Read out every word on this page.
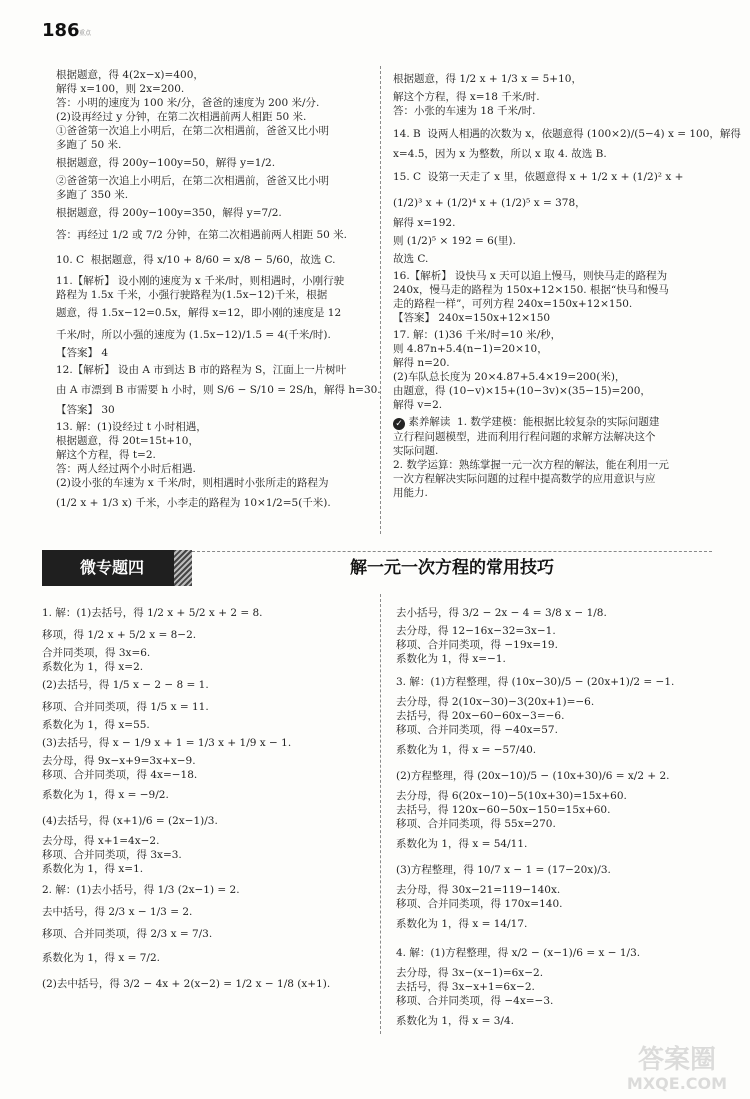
186 重点

根据题意，得 4(2x−x)=400，

解得 x=100，则 2x=200.

答：小明的速度为 100 米/分，爸爸的速度为 200 米/分.

(2)设再经过 y 分钟，在第二次相遇前两人相距 50 米.

①爸爸第一次追上小明后，在第二次相遇前，爸爸又比小明

多跑了 50 米.

根据题意，得 200y−100y=50，解得 y=1/2.

②爸爸第一次追上小明后，在第二次相遇前，爸爸又比小明

多跑了 350 米.

根据题意，得 200y−100y=350，解得 y=7/2.

答：再经过 1/2 或 7/2 分钟，在第二次相遇前两人相距 50 米.

10. C  根据题意，得 x/10 + 8/60 = x/8 − 5/60，故选 C.

11.【解析】 设小刚的速度为 x 千米/时，则相遇时，小刚行驶

路程为 1.5x 千米，小强行驶路程为(1.5x−12)千米，根据

题意，得 1.5x−12=0.5x，解得 x=12，即小刚的速度是 12

千米/时，所以小强的速度为 (1.5x−12)/1.5 = 4(千米/时).

【答案】 4

12.【解析】 设由 A 市到达 B 市的路程为 S，江面上一片树叶

由 A 市漂到 B 市需要 h 小时，则 S/6 − S/10 = 2S/h，解得 h=30.

【答案】 30

13. 解：(1)设经过 t 小时相遇，

根据题意，得 20t=15t+10，

解这个方程，得 t=2.

答：两人经过两个小时后相遇.

(2)设小张的车速为 x 千米/时，则相遇时小张所走的路程为

(1/2 x + 1/3 x) 千米，小李走的路程为 10×1/2=5(千米).

根据题意，得 1/2 x + 1/3 x = 5+10，

解这个方程，得 x=18 千米/时.

答：小张的车速为 18 千米/时.

14. B  设两人相遇的次数为 x，依题意得 (100×2)/(5−4) x = 100，解得

x=4.5，因为 x 为整数，所以 x 取 4. 故选 B.

15. C  设第一天走了 x 里，依题意得 x + 1/2 x + (1/2)² x +

(1/2)³ x + (1/2)⁴ x + (1/2)⁵ x = 378，

解得 x=192.

则 (1/2)⁵ × 192 = 6(里).

故选 C.

16.【解析】 设快马 x 天可以追上慢马，则快马走的路程为

240x，慢马走的路程为 150x+12×150. 根据“快马和慢马

走的路程一样”，可列方程 240x=150x+12×150.

【答案】 240x=150x+12×150

17. 解：(1)36 千米/时=10 米/秒，

则 4.87n+5.4(n−1)=20×10，

解得 n=20.

(2)车队总长度为 20×4.87+5.4×19=200(米)，

由题意，得 (10−v)×15+(10−3v)×(35−15)=200，

解得 v=2.

✓ 素养解读  1. 数学建模：能根据比较复杂的实际问题建

立行程问题模型，进而利用行程问题的求解方法解决这个

实际问题.

2. 数学运算：熟练掌握一元一次方程的解法，能在利用一元

一次方程解决实际问题的过程中提高数学的应用意识与应

用能力.

微专题四	解一元一次方程的常用技巧

1. 解：(1)去括号，得 1/2 x + 5/2 x + 2 = 8.

移项，得 1/2 x + 5/2 x = 8−2.

合并同类项，得 3x=6.

系数化为 1，得 x=2.

(2)去括号，得 1/5 x − 2 − 8 = 1.

移项、合并同类项，得 1/5 x = 11.

系数化为 1，得 x=55.

(3)去括号，得 x − 1/9 x + 1 = 1/3 x + 1/9 x − 1.

去分母，得 9x−x+9=3x+x−9.

移项、合并同类项，得 4x=−18.

系数化为 1，得 x = −9/2.

(4)去括号，得 (x+1)/6 = (2x−1)/3.

去分母，得 x+1=4x−2.

移项、合并同类项，得 3x=3.

系数化为 1，得 x=1.

2. 解：(1)去小括号，得 1/3 (2x−1) = 2.

去中括号，得 2/3 x − 1/3 = 2.

移项、合并同类项，得 2/3 x = 7/3.

系数化为 1，得 x = 7/2.

(2)去中括号，得 3/2 − 4x + 2(x−2) = 1/2 x − 1/8 (x+1).

去小括号，得 3/2 − 2x − 4 = 3/8 x − 1/8.

去分母，得 12−16x−32=3x−1.

移项、合并同类项，得 −19x=19.

系数化为 1，得 x=−1.

3. 解：(1)方程整理，得 (10x−30)/5 − (20x+1)/2 = −1.

去分母，得 2(10x−30)−3(20x+1)=−6.

去括号，得 20x−60−60x−3=−6.

移项、合并同类项，得 −40x=57.

系数化为 1，得 x = −57/40.

(2)方程整理，得 (20x−10)/5 − (10x+30)/6 = x/2 + 2.

去分母，得 6(20x−10)−5(10x+30)=15x+60.

去括号，得 120x−60−50x−150=15x+60.

移项、合并同类项，得 55x=270.

系数化为 1，得 x = 54/11.

(3)方程整理，得 10/7 x − 1 = (17−20x)/3.

去分母，得 30x−21=119−140x.

移项、合并同类项，得 170x=140.

系数化为 1，得 x = 14/17.

4. 解：(1)方程整理，得 x/2 − (x−1)/6 = x − 1/3.

去分母，得 3x−(x−1)=6x−2.

去括号，得 3x−x+1=6x−2.

移项、合并同类项，得 −4x=−3.

系数化为 1，得 x = 3/4.

答案圈
MXQE.COM
